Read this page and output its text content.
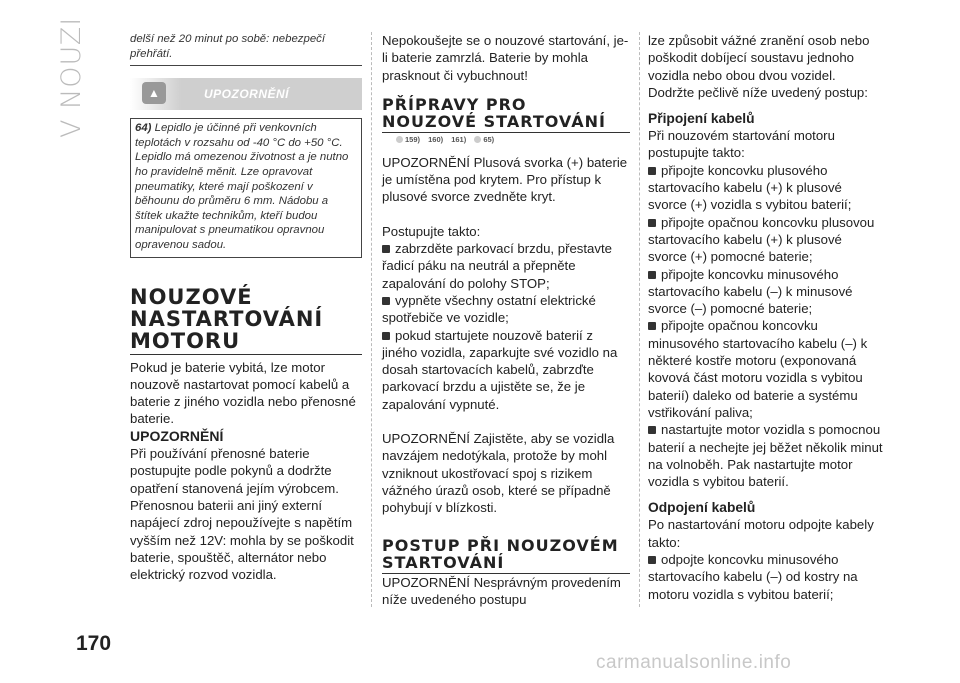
V NOUZI	delší než 20 minut po sobě: nebezpečí přehřátí.

▲	UPOZORNĚNÍ

64) Lepidlo je účinné při venkovních teplotách v rozsahu od -40 °C do +50 °C. Lepidlo má omezenou životnost a je nutno ho pravidelně měnit. Lze opravovat pneumatiky, které mají poškození v běhounu do průměru 6 mm. Nádobu a štítek ukažte technikům, kteří budou manipulovat s pneumatikou opravnou opravenou sadou.

NOUZOVÉ
NASTARTOVÁNÍ
MOTORU

Pokud je baterie vybitá, lze motor nouzově nastartovat pomocí kabelů a baterie z jiného vozidla nebo přenosné baterie.

UPOZORNĚNÍ

Při používání přenosné baterie postupujte podle pokynů a dodržte opatření stanovená jejím výrobcem. Přenosnou baterii ani jiný externí napájecí zdroj nepoužívejte s napětím vyšším než 12V: mohla by se poškodit baterie, spouštěč, alternátor nebo elektrický rozvod vozidla.

Nepokoušejte se o nouzové startování, je-li baterie zamrzlá. Baterie by mohla prasknout či vybuchnout!

PŘÍPRAVY PRO
NOUZOVÉ STARTOVÁNÍ
159) 160) 161) 65)

UPOZORNĚNÍ Plusová svorka (+) baterie je umístěna pod krytem. Pro přístup k plusové svorce zvedněte kryt.

Postupujte takto:

zabrzděte parkovací brzdu, přestavte řadicí páku na neutrál a přepněte zapalování do polohy STOP;

vypněte všechny ostatní elektrické spotřebiče ve vozidle;

pokud startujete nouzově baterií z jiného vozidla, zaparkujte své vozidlo na dosah startovacích kabelů, zabrzďte parkovací brzdu a ujistěte se, že je zapalování vypnuté.

UPOZORNĚNÍ Zajistěte, aby se vozidla navzájem nedotýkala, protože by mohl vzniknout ukostřovací spoj s rizikem vážného úrazů osob, které se případně pohybují v blízkosti.

POSTUP PŘI NOUZOVÉM
STARTOVÁNÍ

UPOZORNĚNÍ Nesprávným provedením níže uvedeného postupu

lze způsobit vážné zranění osob nebo poškodit dobíjecí soustavu jednoho vozidla nebo obou dvou vozidel. Dodržte pečlivě níže uvedený postup:

Připojení kabelů

Při nouzovém startování motoru postupujte takto:

připojte koncovku plusového startovacího kabelu (+) k plusové svorce (+) vozidla s vybitou baterií;

připojte opačnou koncovku plusovou startovacího kabelu (+) k plusové svorce (+) pomocné baterie;

připojte koncovku minusového startovacího kabelu (–) k minusové svorce (–) pomocné baterie;

připojte opačnou koncovku minusového startovacího kabelu (–) k některé kostře motoru (exponovaná kovová část motoru vozidla s vybitou baterií) daleko od baterie a systému vstřikování paliva;

nastartujte motor vozidla s pomocnou baterií a nechejte jej běžet několik minut na volnoběh. Pak nastartujte motor vozidla s vybitou baterií.

Odpojení kabelů

Po nastartování motoru odpojte kabely takto:

odpojte koncovku minusového startovacího kabelu (–) od kostry na motoru vozidla s vybitou baterií;

170
carmanualsonline.info
